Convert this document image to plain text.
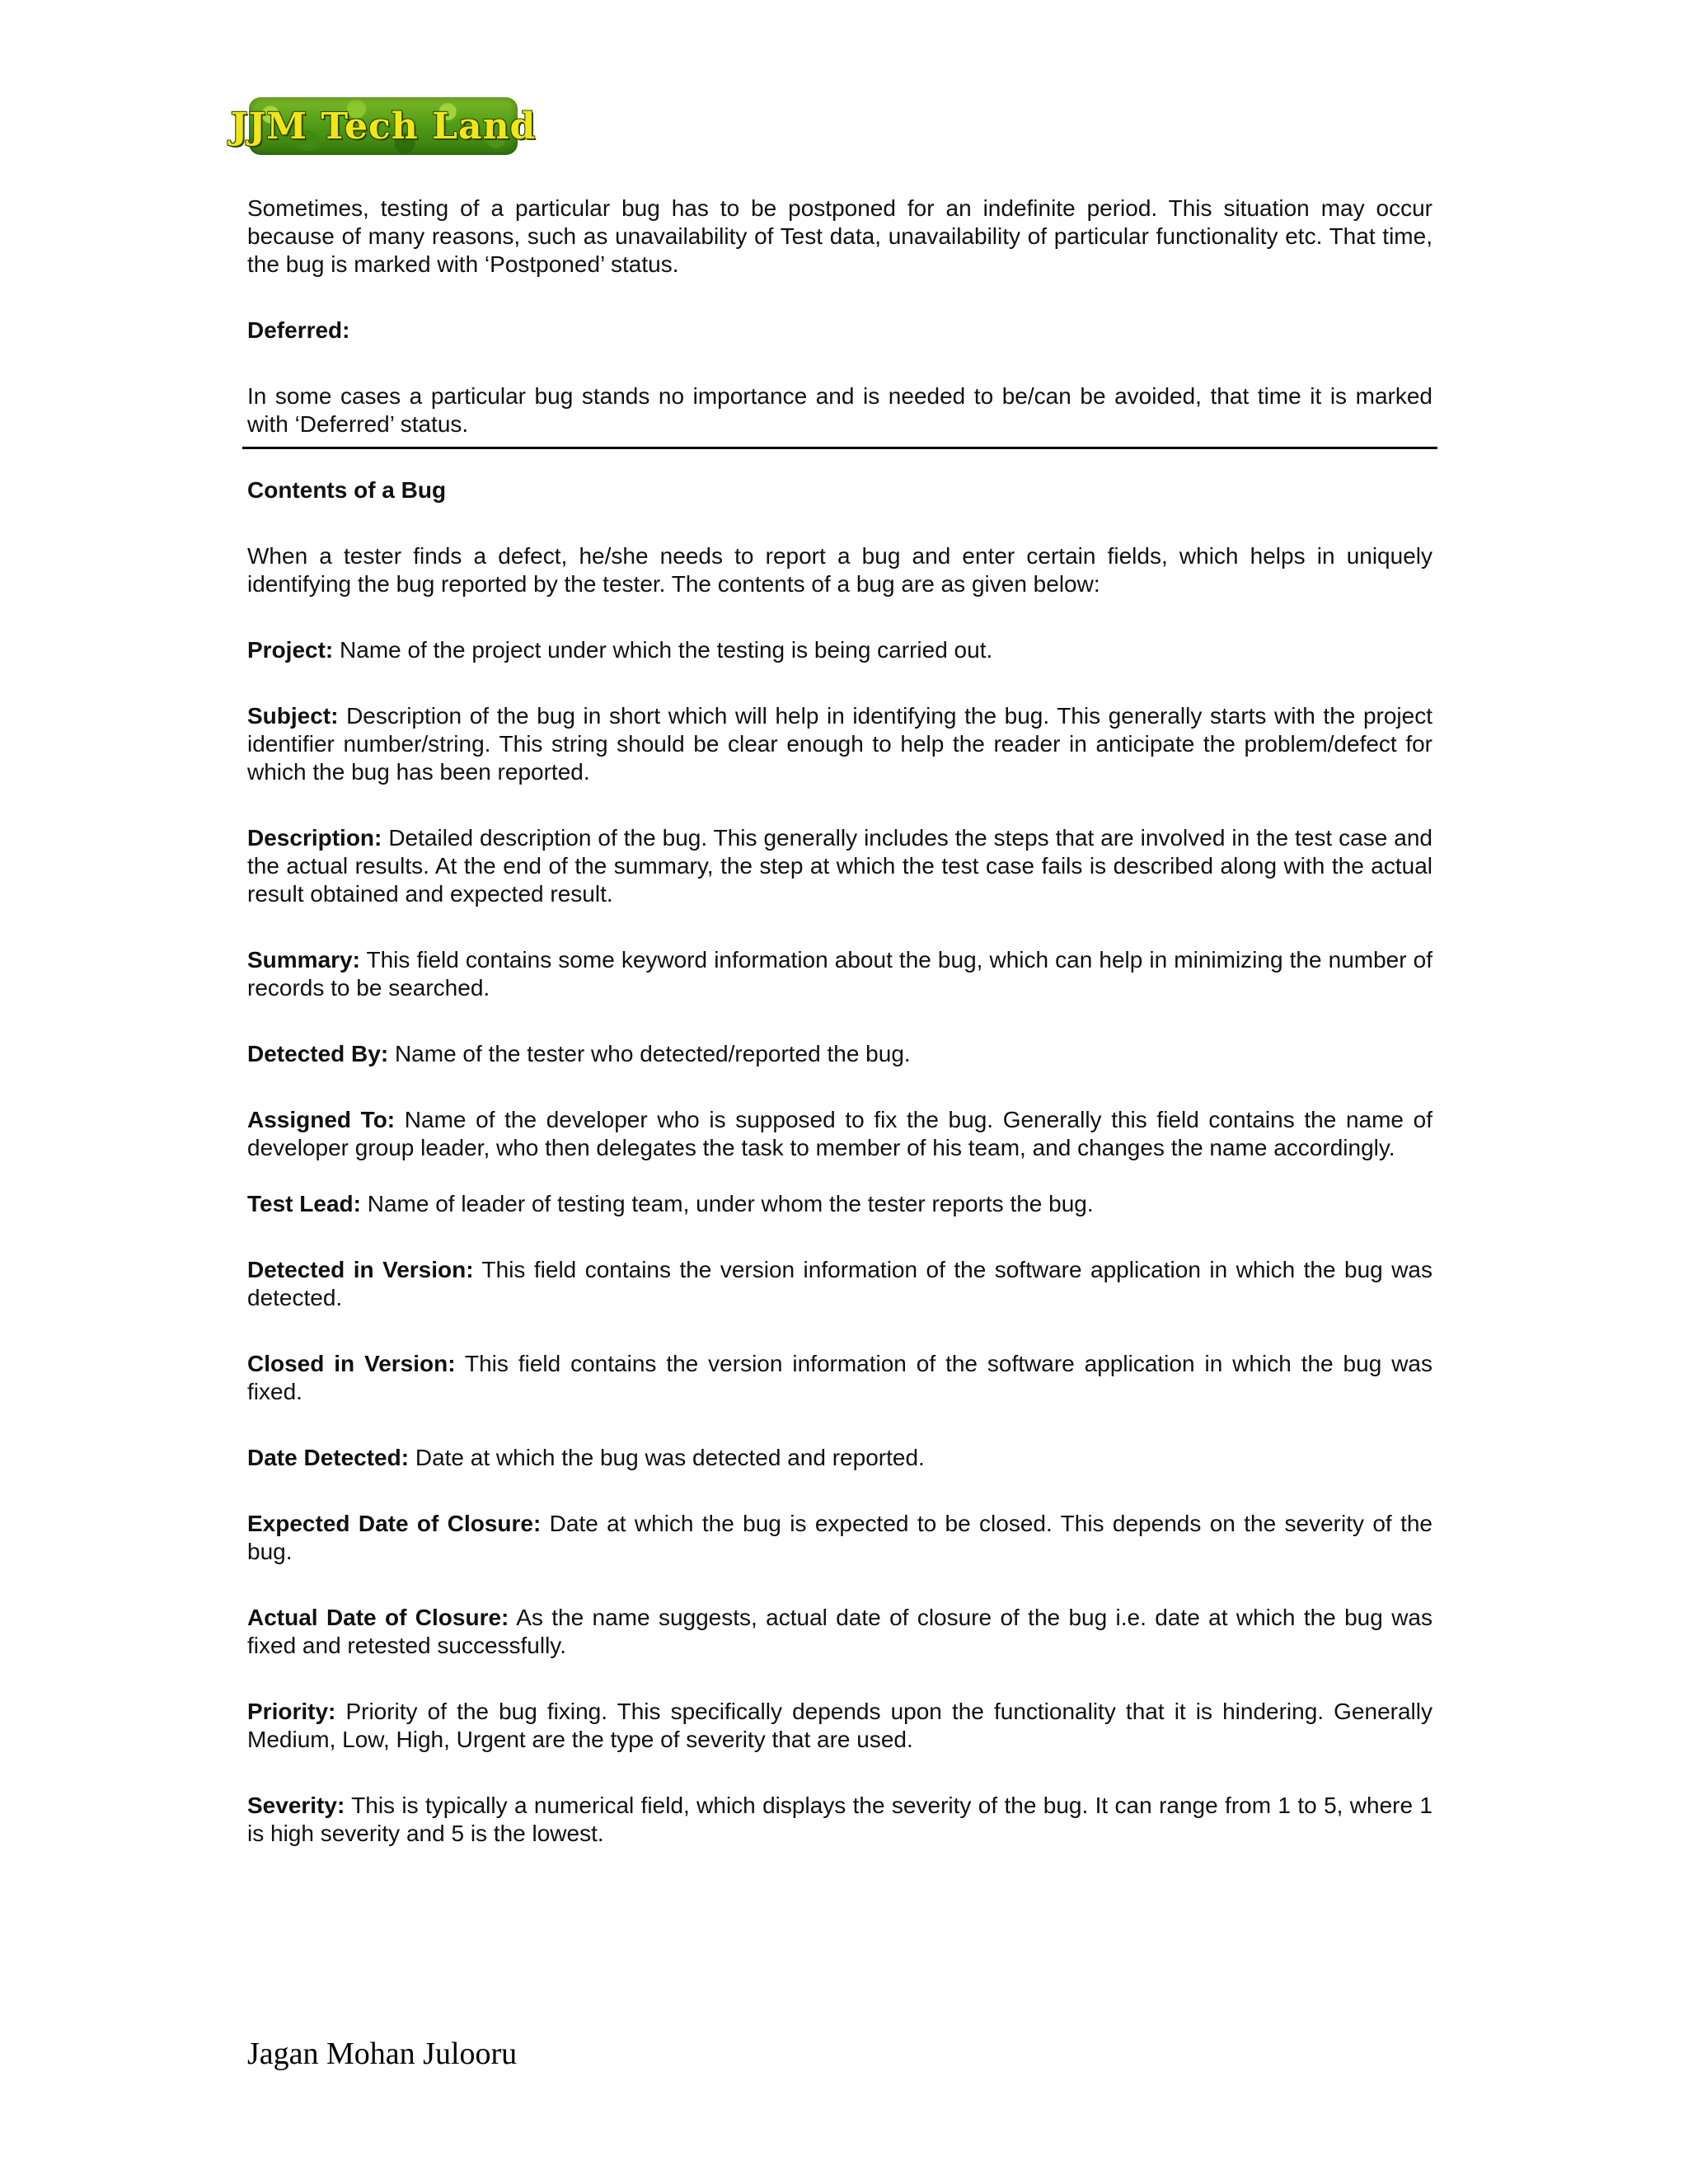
JJM Tech Land

Sometimes, testing of a particular bug has to be postponed for an indefinite period. This situation may occur because of many reasons, such as unavailability of Test data, unavailability of particular functionality etc. That time, the bug is marked with ‘Postponed’ status.

Deferred:

In some cases a particular bug stands no importance and is needed to be/can be avoided, that time it is marked with ‘Deferred’ status.

Contents of a Bug

When a tester finds a defect, he/she needs to report a bug and enter certain fields, which helps in uniquely identifying the bug reported by the tester. The contents of a bug are as given below:

Project: Name of the project under which the testing is being carried out.

Subject: Description of the bug in short which will help in identifying the bug. This generally starts with the project identifier number/string. This string should be clear enough to help the reader in anticipate the problem/defect for which the bug has been reported.

Description: Detailed description of the bug. This generally includes the steps that are involved in the test case and the actual results. At the end of the summary, the step at which the test case fails is described along with the actual result obtained and expected result.

Summary: This field contains some keyword information about the bug, which can help in minimizing the number of records to be searched.

Detected By: Name of the tester who detected/reported the bug.

Assigned To: Name of the developer who is supposed to fix the bug. Generally this field contains the name of developer group leader, who then delegates the task to member of his team, and changes the name accordingly.

Test Lead: Name of leader of testing team, under whom the tester reports the bug.

Detected in Version: This field contains the version information of the software application in which the bug was detected.

Closed in Version: This field contains the version information of the software application in which the bug was fixed.

Date Detected: Date at which the bug was detected and reported.

Expected Date of Closure: Date at which the bug is expected to be closed. This depends on the severity of the bug.

Actual Date of Closure: As the name suggests, actual date of closure of the bug i.e. date at which the bug was fixed and retested successfully.

Priority: Priority of the bug fixing. This specifically depends upon the functionality that it is hindering. Generally Medium, Low, High, Urgent are the type of severity that are used.

Severity: This is typically a numerical field, which displays the severity of the bug. It can range from 1 to 5, where 1 is high severity and 5 is the lowest.

Jagan Mohan Julooru
